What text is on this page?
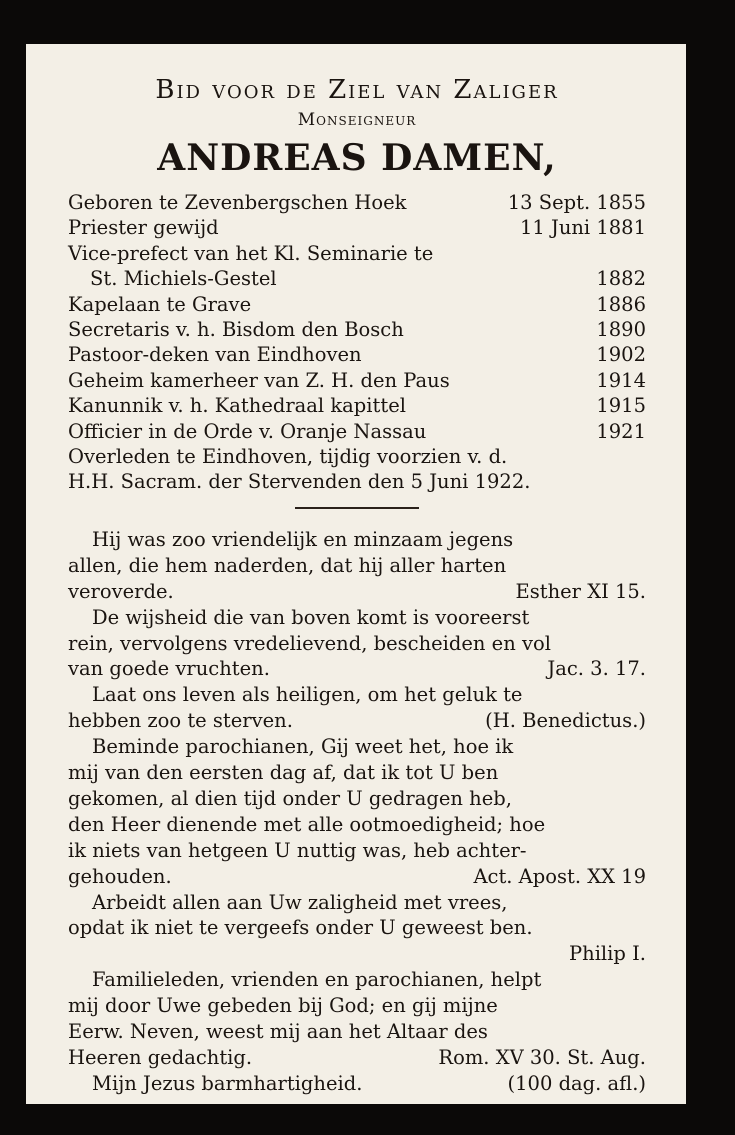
Bid voor de Ziel van Zaliger
Monseigneur
ANDREAS DAMEN,
Geboren te Zevenbergschen Hoek	13 Sept. 1855
Priester gewijd	11 Juni 1881
Vice-prefect van het Kl. Seminarie te
St. Michiels-Gestel	1882
Kapelaan te Grave	1886
Secretaris v. h. Bisdom den Bosch	1890
Pastoor-deken van Eindhoven	1902
Geheim kamerheer van Z. H. den Paus	1914
Kanunnik v. h. Kathedraal kapittel	1915
Officier in de Orde v. Oranje Nassau	1921
Overleden te Eindhoven, tijdig voorzien v. d.
H.H. Sacram. der Stervenden den 5 Juni 1922.
Hij was zoo vriendelijk en minzaam jegens
allen, die hem naderden, dat hij aller harten
veroverde.	Esther XI 15.
De wijsheid die van boven komt is vooreerst
rein, vervolgens vredelievend, bescheiden en vol
van goede vruchten.	Jac. 3. 17.
Laat ons leven als heiligen, om het geluk te
hebben zoo te sterven.	(H. Benedictus.)
Beminde parochianen, Gij weet het, hoe ik
mij van den eersten dag af, dat ik tot U ben
gekomen, al dien tijd onder U gedragen heb,
den Heer dienende met alle ootmoedigheid; hoe
ik niets van hetgeen U nuttig was, heb achter-
gehouden.	Act. Apost. XX 19
Arbeidt allen aan Uw zaligheid met vrees,
opdat ik niet te vergeefs onder U geweest ben.
Philip I.
Familieleden, vrienden en parochianen, helpt
mij door Uwe gebeden bij God; en gij mijne
Eerw. Neven, weest mij aan het Altaar des
Heeren gedachtig.	Rom. XV 30. St. Aug.
Mijn Jezus barmhartigheid.	(100 dag. afl.)
